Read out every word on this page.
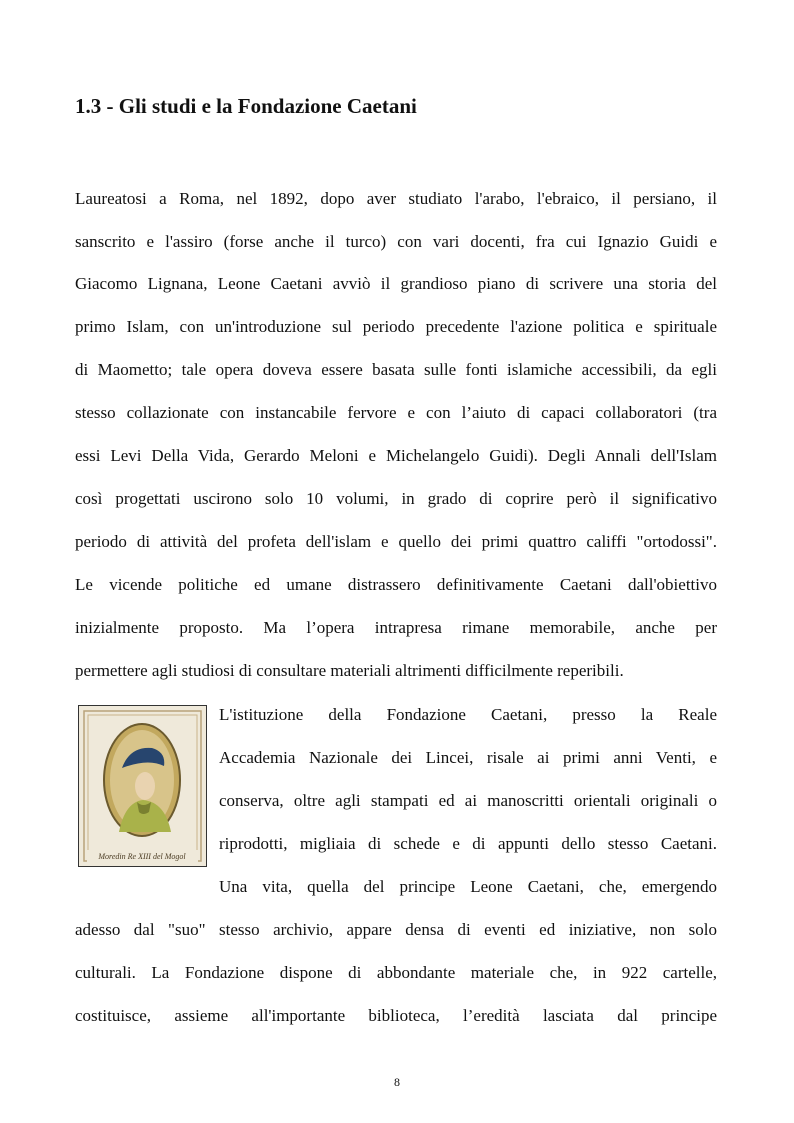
1.3 - Gli studi e la Fondazione Caetani
Laureatosi a Roma, nel 1892, dopo aver studiato l'arabo, l'ebraico, il persiano, il
sanscrito e l'assiro (forse anche il turco) con vari docenti, fra cui Ignazio Guidi e
Giacomo Lignana, Leone Caetani avviò il grandioso piano di scrivere una storia del
primo Islam, con un'introduzione sul periodo precedente l'azione politica e spirituale
di Maometto; tale opera doveva essere basata sulle fonti islamiche accessibili, da egli
stesso collazionate con instancabile fervore e con l’aiuto di capaci collaboratori (tra
essi Levi Della Vida, Gerardo Meloni e Michelangelo Guidi). Degli Annali dell'Islam
così progettati uscirono solo 10 volumi, in grado di coprire però il significativo
periodo di attività del profeta dell'islam e quello dei primi quattro califfi "ortodossi".
Le vicende politiche ed umane distrassero definitivamente Caetani dall'obiettivo
inizialmente proposto. Ma l’opera intrapresa rimane memorabile, anche per
permettere agli studiosi di consultare materiali altrimenti difficilmente reperibili.
Moredin Re XIII del Mogol
L'istituzione della Fondazione Caetani, presso la Reale
Accademia Nazionale dei Lincei, risale ai primi anni Venti, e
conserva, oltre agli stampati ed ai manoscritti orientali originali o
riprodotti, migliaia di schede e di appunti dello stesso Caetani.
Una vita, quella del principe Leone Caetani, che, emergendo
adesso dal "suo" stesso archivio, appare densa di eventi ed iniziative, non solo
culturali. La Fondazione dispone di abbondante materiale che, in 922 cartelle,
costituisce, assieme all'importante biblioteca, l’eredità lasciata dal principe
8
